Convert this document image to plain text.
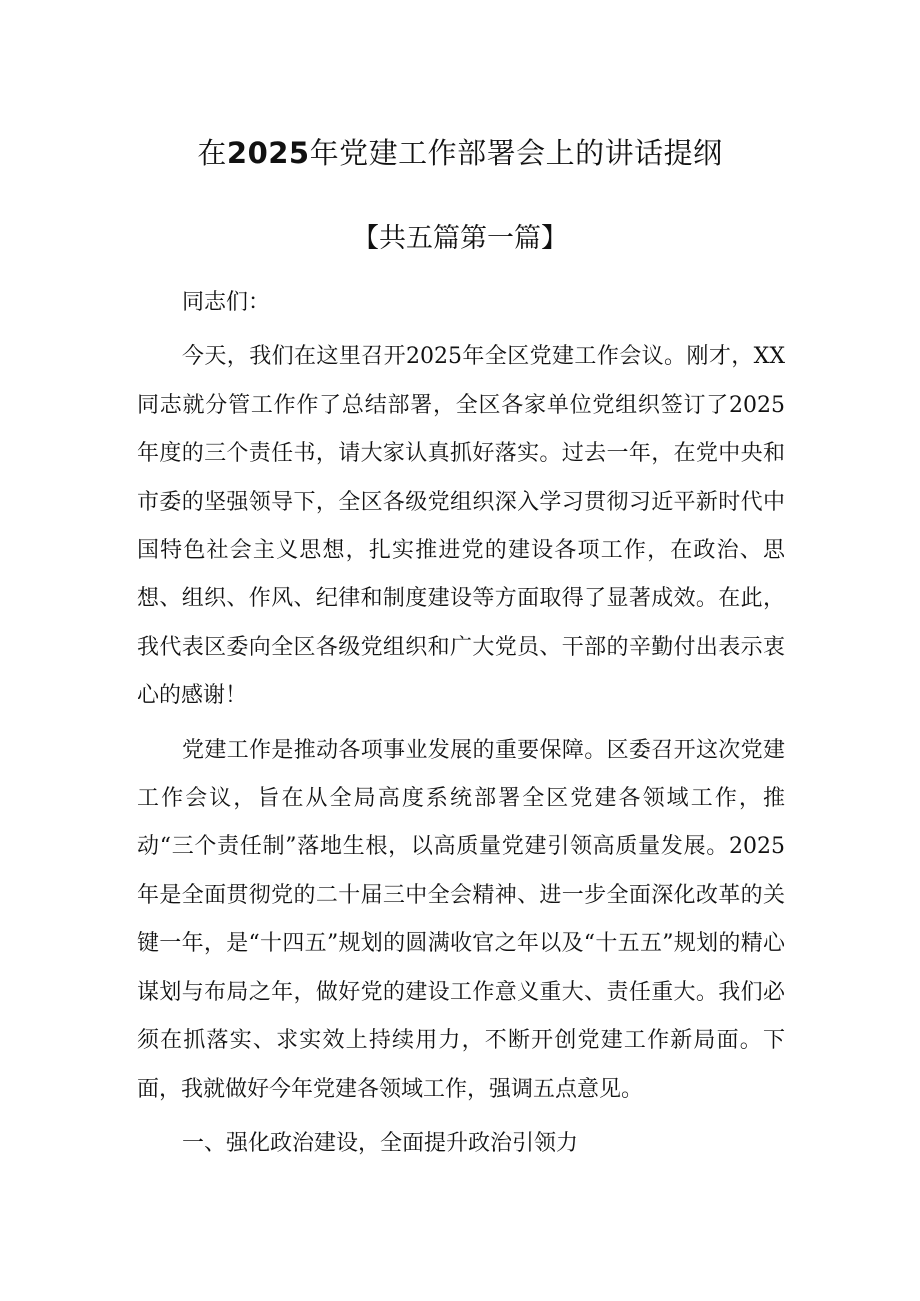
在2025年党建工作部署会上的讲话提纲
【共五篇第一篇】

同志们：

今天，我们在这里召开2025年全区党建工作会议。刚才，XX同志就分管工作作了总结部署，全区各家单位党组织签订了2025年度的三个责任书，请大家认真抓好落实。过去一年，在党中央和市委的坚强领导下，全区各级党组织深入学习贯彻习近平新时代中国特色社会主义思想，扎实推进党的建设各项工作，在政治、思想、组织、作风、纪律和制度建设等方面取得了显著成效。在此，我代表区委向全区各级党组织和广大党员、干部的辛勤付出表示衷心的感谢！

党建工作是推动各项事业发展的重要保障。区委召开这次党建工作会议，旨在从全局高度系统部署全区党建各领域工作，推动“三个责任制”落地生根，以高质量党建引领高质量发展。2025年是全面贯彻党的二十届三中全会精神、进一步全面深化改革的关键一年，是“十四五”规划的圆满收官之年以及“十五五”规划的精心谋划与布局之年，做好党的建设工作意义重大、责任重大。我们必须在抓落实、求实效上持续用力，不断开创党建工作新局面。下面，我就做好今年党建各领域工作，强调五点意见。

一、强化政治建设，全面提升政治引领力
